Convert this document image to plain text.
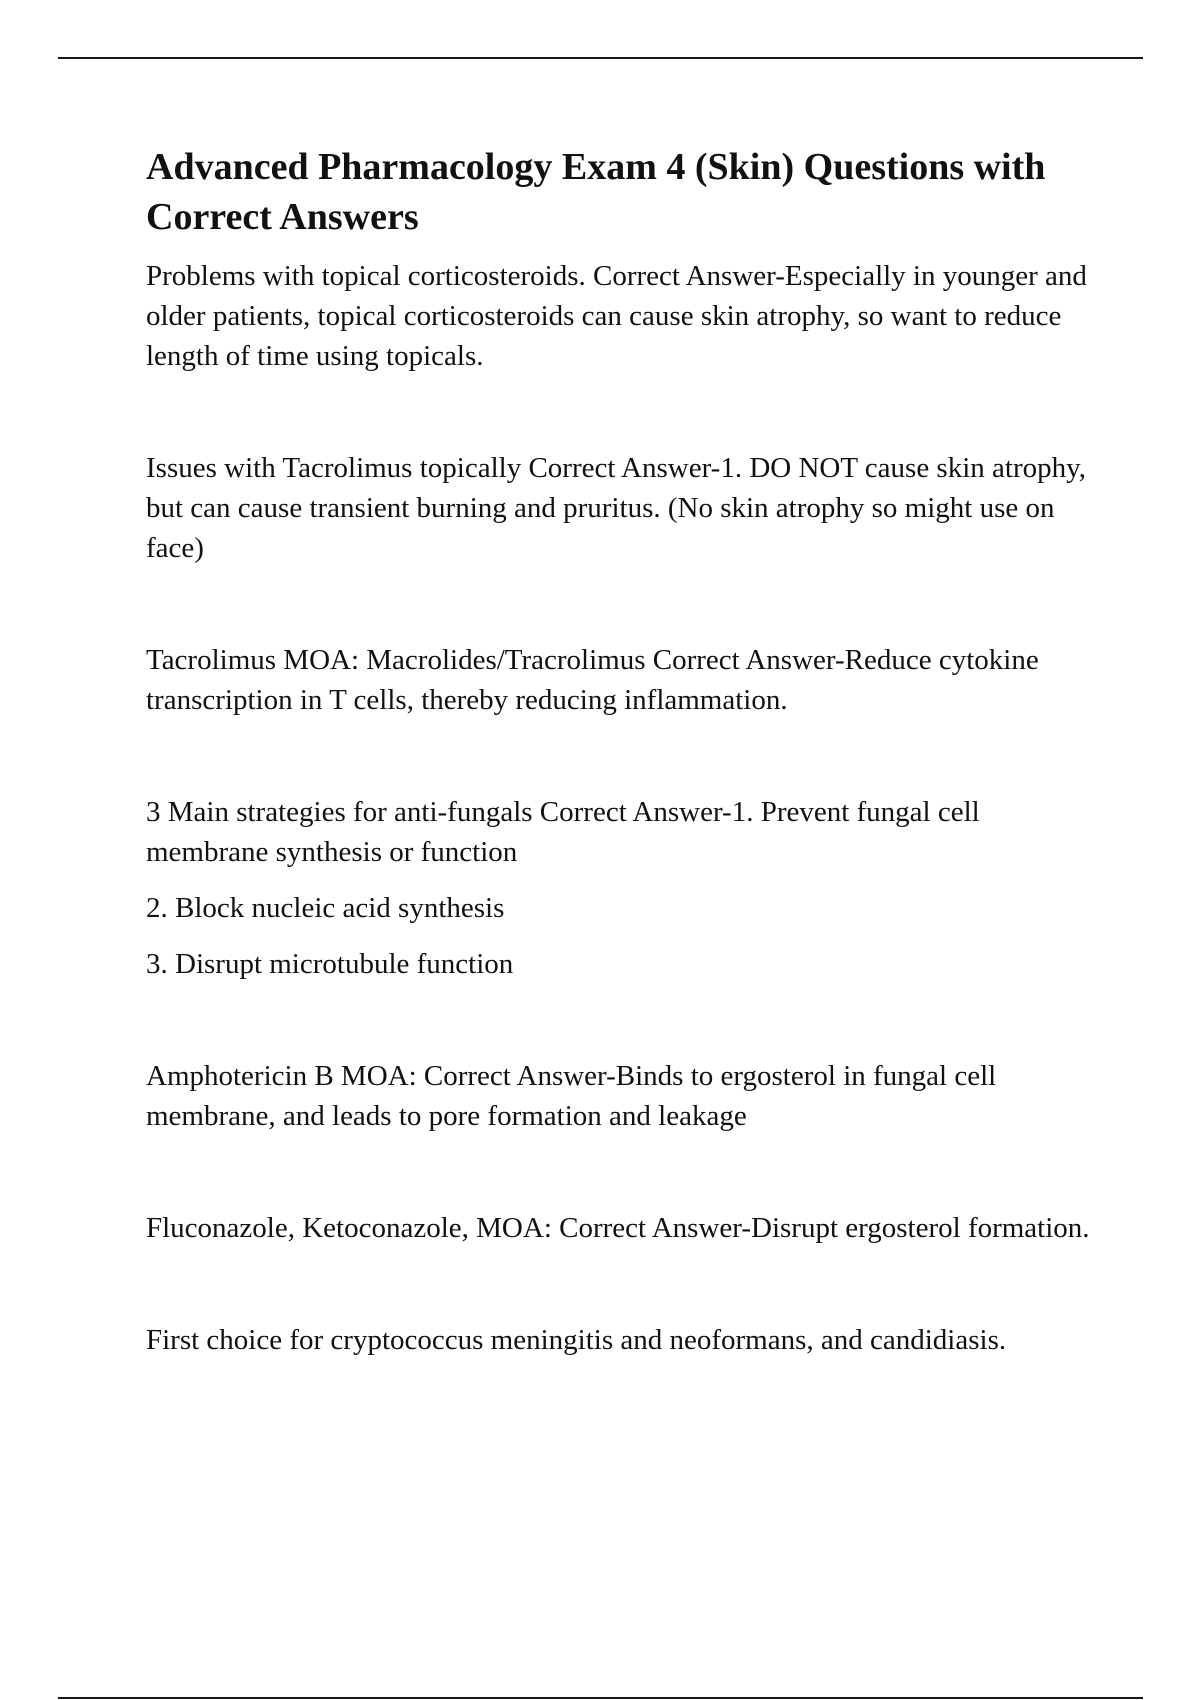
Advanced Pharmacology Exam 4 (Skin) Questions with Correct Answers

Problems with topical corticosteroids. Correct Answer-Especially in younger and older patients, topical corticosteroids can cause skin atrophy, so want to reduce length of time using topicals.

Issues with Tacrolimus topically Correct Answer-1. DO NOT cause skin atrophy, but can cause transient burning and pruritus. (No skin atrophy so might use on face)

Tacrolimus MOA: Macrolides/Tracrolimus Correct Answer-Reduce cytokine transcription in T cells, thereby reducing inflammation.

3 Main strategies for anti-fungals Correct Answer-1. Prevent fungal cell membrane synthesis or function

2. Block nucleic acid synthesis

3. Disrupt microtubule function

Amphotericin B MOA: Correct Answer-Binds to ergosterol in fungal cell membrane, and leads to pore formation and leakage

Fluconazole, Ketoconazole, MOA: Correct Answer-Disrupt ergosterol formation.

First choice for cryptococcus meningitis and neoformans, and candidiasis.
